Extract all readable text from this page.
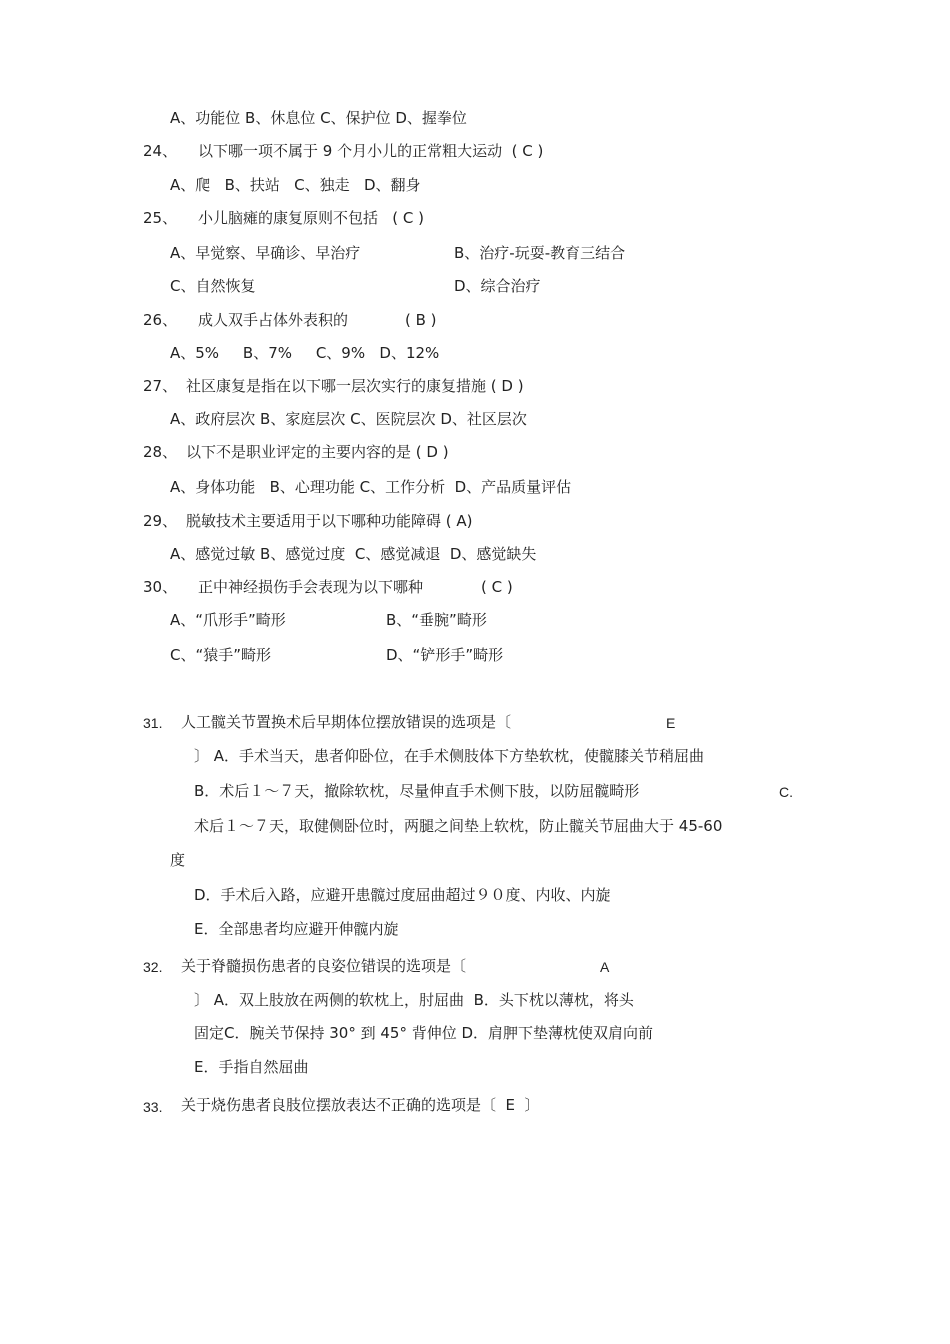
A、功能位 B、休息位 C、保护位 D、握拳位
24、 以下哪一项不属于 9 个月小儿的正常粗大运动  ( C )
A、爬   B、扶站   C、独走   D、翻身
25、 小儿脑瘫的康复原则不包括   ( C )
A、早觉察、早确诊、早治疗	B、治疗-玩耍-教育三结合
C、自然恢复	D、综合治疗
26、 成人双手占体外表积的	( B )
A、5%     B、7%     C、9%   D、12%
27、 社区康复是指在以下哪一层次实行的康复措施 ( D )
A、政府层次 B、家庭层次 C、医院层次 D、社区层次
28、 以下不是职业评定的主要内容的是 ( D )
A、身体功能   B、心理功能 C、工作分析  D、产品质量评估
29、 脱敏技术主要适用于以下哪种功能障碍 ( A)
A、感觉过敏 B、感觉过度  C、感觉减退  D、感觉缺失
30、 正中神经损伤手会表现为以下哪种	( C )
A、“爪形手”畸形	B、“垂腕”畸形
C、“猿手”畸形	D、“铲形手”畸形
31. 人工髋关节置换术后早期体位摆放错误的选项是〔	E
〕 A．手术当天，患者仰卧位，在手术侧肢体下方垫软枕，使髋膝关节稍屈曲
B．术后１～７天，撤除软枕，尽量伸直手术侧下肢，以防屈髋畸形	C.
术后１～７天，取健侧卧位时，两腿之间垫上软枕，防止髋关节屈曲大于 45-60
度
D．手术后入路，应避开患髋过度屈曲超过９０度、内收、内旋
E．全部患者均应避开伸髋内旋
32. 关于脊髓损伤患者的良姿位错误的选项是〔	A
〕 A．双上肢放在两侧的软枕上，肘屈曲  B．头下枕以薄枕，将头
固定C．腕关节保持 30° 到 45° 背伸位 D．肩胛下垫薄枕使双肩向前
E．手指自然屈曲
33. 关于烧伤患者良肢位摆放表达不正确的选项是〔  E  〕
